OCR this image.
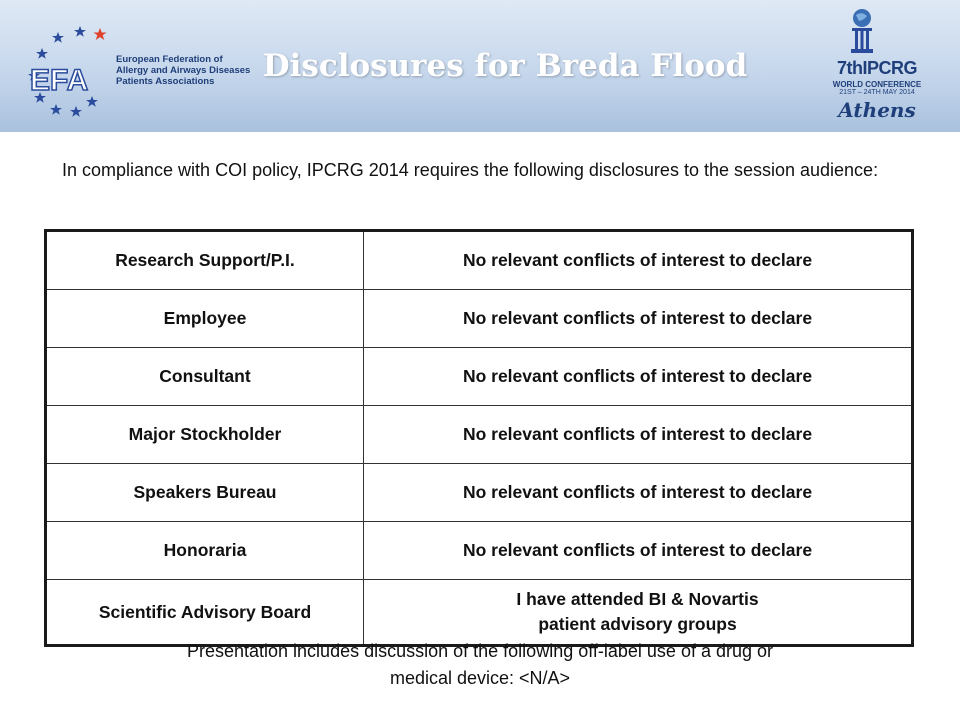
EFA
European Federation of
Allergy and Airways Diseases
Patients Associations	Disclosures for Breda Flood	7thIPCRG
WORLD CONFERENCE
21ST – 24TH MAY 2014
Athens
In compliance with COI policy, IPCRG 2014 requires the following disclosures to the session audience:
Research Support/P.I.	No relevant conflicts of interest to declare
Employee	No relevant conflicts of interest to declare
Consultant	No relevant conflicts of interest to declare
Major Stockholder	No relevant conflicts of interest to declare
Speakers Bureau	No relevant conflicts of interest to declare
Honoraria	No relevant conflicts of interest to declare
Scientific Advisory Board	I have attended BI & Novartis
patient advisory groups
Presentation includes discussion of the following off-label use of a drug or
medical device: <N/A>
